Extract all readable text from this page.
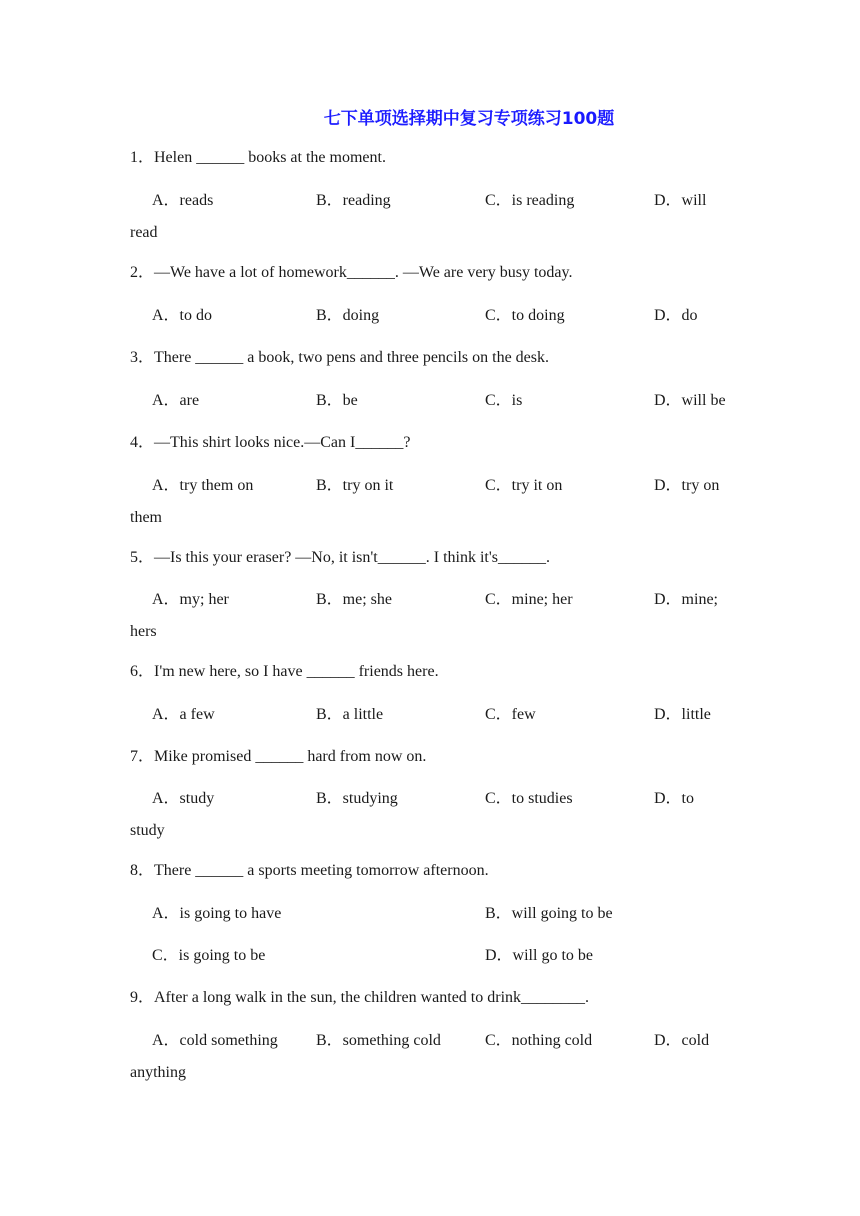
七下单项选择期中复习专项练习100题
1．Helen ______ books at the moment.
A．reads	B．reading	C．is reading	D．will
read
2．—We have a lot of homework______. —We are very busy today.
A．to do	B．doing	C．to doing	D．do
3．There ______ a book, two pens and three pencils on the desk.
A．are	B．be	C．is	D．will be
4．—This shirt looks nice.—Can I______?
A．try them on	B．try on it	C．try it on	D．try on
them
5．—Is this your eraser? —No, it isn't______. I think it's______.
A．my; her	B．me; she	C．mine; her	D．mine;
hers
6．I'm new here, so I have ______ friends here.
A．a few	B．a little	C．few	D．little
7．Mike promised ______ hard from now on.
A．study	B．studying	C．to studies	D．to
study
8．There ______ a sports meeting tomorrow afternoon.
A．is going to have	B．will going to be
C．is going to be	D．will go to be
9．After a long walk in the sun, the children wanted to drink________.
A．cold something B．something cold	C．nothing cold	D．cold
anything
